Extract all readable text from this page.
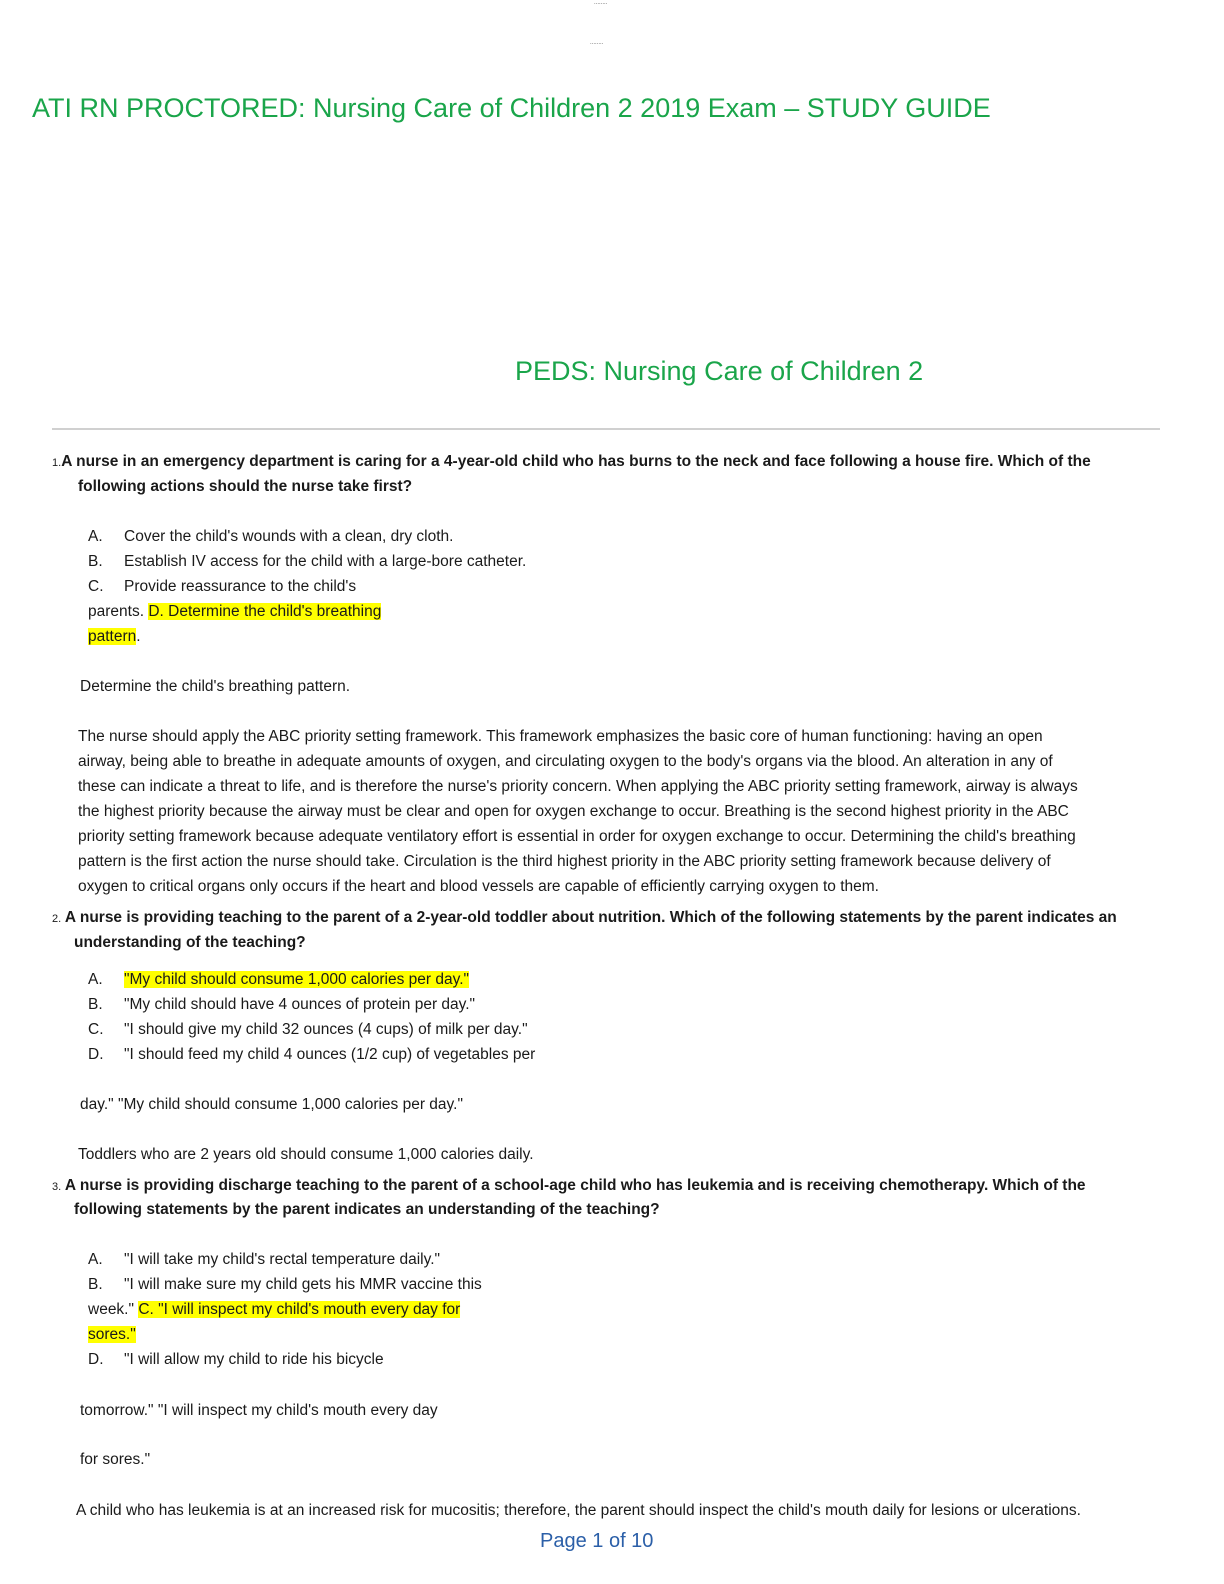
........
........
ATI RN PROCTORED: Nursing Care of Children 2 2019 Exam – STUDY GUIDE
PEDS: Nursing Care of Children 2
1.A nurse in an emergency department is caring for a 4-year-old child who has burns to the neck and face following a house fire. Which of the
following actions should the nurse take first?
A. Cover the child's wounds with a clean, dry cloth.
B. Establish IV access for the child with a large-bore catheter.
C. Provide reassurance to the child's
parents. D. Determine the child's breathing
pattern.
Determine the child's breathing pattern.
The nurse should apply the ABC priority setting framework. This framework emphasizes the basic core of human functioning: having an open
airway, being able to breathe in adequate amounts of oxygen, and circulating oxygen to the body's organs via the blood. An alteration in any of
these can indicate a threat to life, and is therefore the nurse's priority concern. When applying the ABC priority setting framework, airway is always
the highest priority because the airway must be clear and open for oxygen exchange to occur. Breathing is the second highest priority in the ABC
priority setting framework because adequate ventilatory effort is essential in order for oxygen exchange to occur. Determining the child's breathing
pattern is the first action the nurse should take. Circulation is the third highest priority in the ABC priority setting framework because delivery of
oxygen to critical organs only occurs if the heart and blood vessels are capable of efficiently carrying oxygen to them.
2. A nurse is providing teaching to the parent of a 2-year-old toddler about nutrition. Which of the following statements by the parent indicates an
understanding of the teaching?
A. "My child should consume 1,000 calories per day."
B. "My child should have 4 ounces of protein per day."
C. "I should give my child 32 ounces (4 cups) of milk per day."
D. "I should feed my child 4 ounces (1/2 cup) of vegetables per
day." "My child should consume 1,000 calories per day."
Toddlers who are 2 years old should consume 1,000 calories daily.
3. A nurse is providing discharge teaching to the parent of a school-age child who has leukemia and is receiving chemotherapy. Which of the
following statements by the parent indicates an understanding of the teaching?
A. "I will take my child's rectal temperature daily."
B. "I will make sure my child gets his MMR vaccine this
week." C. "I will inspect my child's mouth every day for
sores."
D. "I will allow my child to ride his bicycle
tomorrow." "I will inspect my child's mouth every day
for sores."
A child who has leukemia is at an increased risk for mucositis; therefore, the parent should inspect the child's mouth daily for lesions or ulcerations.
Page 1 of 10
